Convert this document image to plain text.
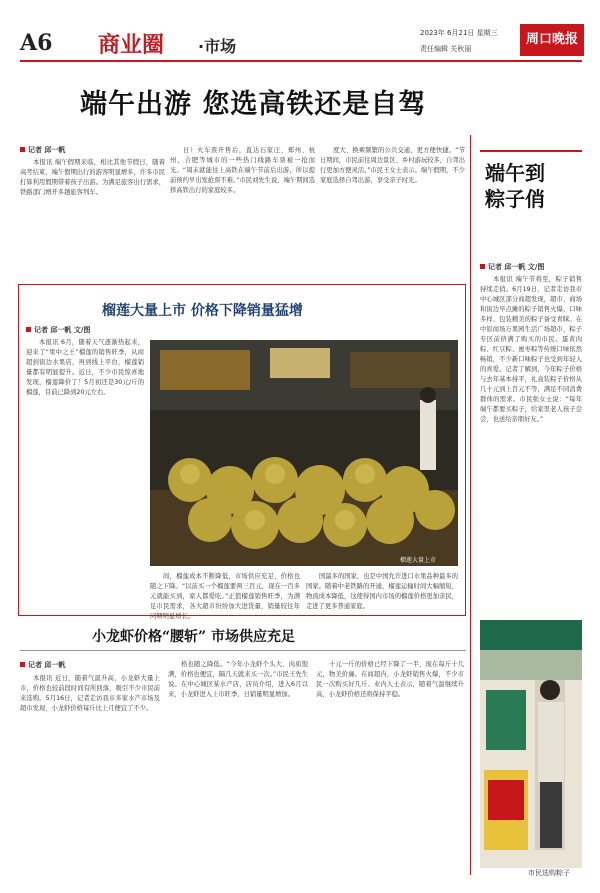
A6 商业圈 ·市场
2023年 6月21日 星期三
责任编辑 关秋丽
周口晚报
端午出游 您选高铁还是自驾
记者 邱一帆
本报讯 端午假期来临，相比其他节假日，随着高考结束，端午假期出行的游客明显增多，许多市民打算利用假期带着孩子出游。为满足旅客出行需求，铁路部门增开多趟旅客列车。
日）火车票开售后，直达石家庄、郑州、杭州、合肥等城市的一些热门线路车票被一抢而光。“周末就能往上高铁在端午节前后出游，所以提前预约早出发抢票不难。”市民刘先生说，端午期间选择高铁出行的家庭较多。
度大、换乘频繁的公共交通，更方便快捷。“节日期间，市民前往周边景区、乡村游玩较多，自驾出行更加方便灵活。”市民王女士表示。端午假期，不少家庭选择自驾出游，享受亲子时光。
榴莲大量上市 价格下降销量猛增
记者 邱一帆 文/图
本报讯 6月，随着天气逐渐热起来，迎来了“果中之王”榴莲的销售旺季，从商超到街边水果店，再到线上平台，榴莲销量都有明显提升。近日，不少市民惊喜地发现，榴莲降价了！5月初还是30元/斤的榴莲，目前已降到20元左右。
榴莲大量上市
间，榴莲成本不断降低，市场供应充足，价格也随之下降。“以前买一个榴莲要两三百元，现在一百多元就能买到，家人都爱吃。”正值榴莲销售旺季，为满足市民需求，各大超市纷纷加大进货量，销量较往年同期明显增长。
国最多的国家，也是中国允许进口水果品种最多的国家。随着中老铁路的开通，榴莲运输时间大幅缩短，物流成本降低，这使得国内市场的榴莲价格更加亲民，走进了更多普通家庭。
小龙虾价格“腰斩” 市场供应充足
记者 邱一帆
本报讯 近日，随着气温升高，小龙虾大量上市，价格也较前段时间有所回落，吸引不少市民前来选购。5月16日，记者走访我市多家水产市场及超市发现，小龙虾价格每斤比上月便宜了不少。
格也随之降低。“今年小龙虾个头大、肉质饱满，价格也便宜，隔几天就来买一次。”市民王先生说。在中心城区某水产店，店员介绍，进入6月以来，小龙虾进入上市旺季，日销量明显增加。
十元一斤的价格已经下降了一半，现在每斤十几元，物美价廉。在商超内，小龙虾销售火爆，不少市民一次购买好几斤。业内人士表示，随着气温继续升高，小龙虾价格还将保持平稳。
端午到
粽子俏
记者 邱一帆 文/图
本报讯 端午节将至，粽子销售持续走俏。6月19日，记者走访我市中心城区部分商超发现，超市、商场和街边早点摊的粽子销售火爆，口味多样、包装精美的粽子备受青睐。在中原商场万果园生活广场超市，粽子专区前挤满了购买的市民。蛋黄肉粽、红豆粽、蜜枣粽等传统口味依然畅销，不少新口味粽子也受到年轻人的喜爱。记者了解到，今年粽子价格与去年基本持平，礼盒装粽子价格从几十元到上百元不等，满足不同消费群体的需求。市民张女士说：“每年端午都要买粽子，给家里老人孩子尝尝，也送给亲朋好友。”
市民选购粽子
